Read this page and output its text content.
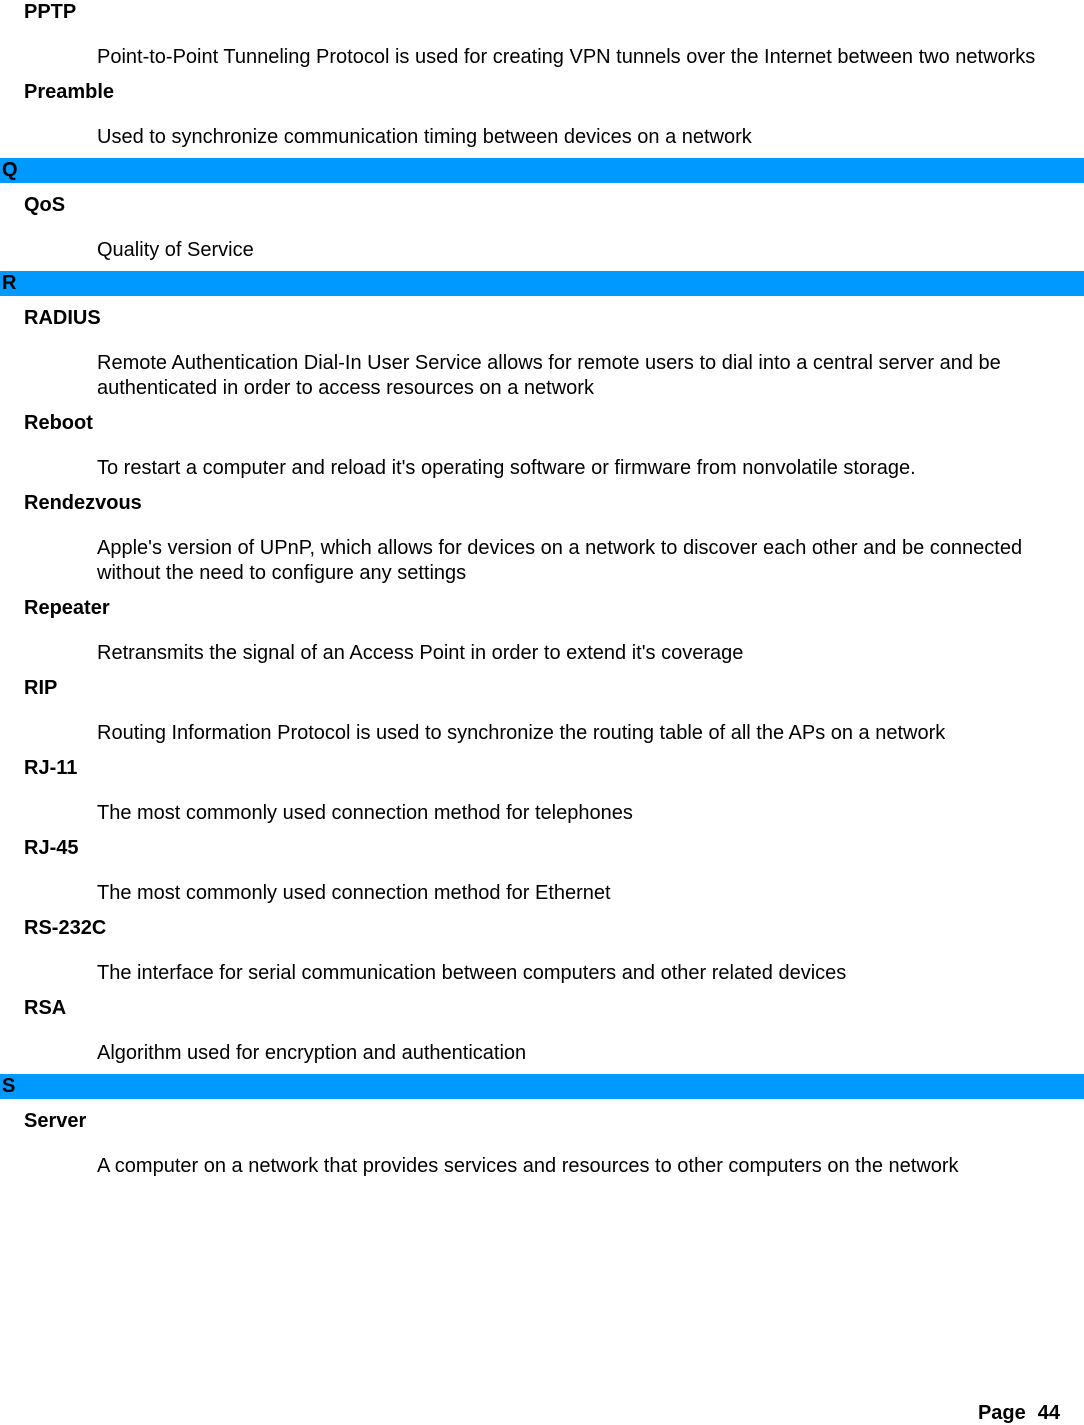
PPTP

Point-to-Point Tunneling Protocol is used for creating VPN tunnels over the Internet between two networks

Preamble

Used to synchronize communication timing between devices on a network

Q

QoS

Quality of Service

R

RADIUS

Remote Authentication Dial-In User Service allows for remote users to dial into a central server and be authenticated in order to access resources on a network

Reboot

To restart a computer and reload it's operating software or firmware from nonvolatile storage.

Rendezvous

Apple's version of UPnP, which allows for devices on a network to discover each other and be connected without the need to configure any settings

Repeater

Retransmits the signal of an Access Point in order to extend it's coverage

RIP

Routing Information Protocol is used to synchronize the routing table of all the APs on a network

RJ-11

The most commonly used connection method for telephones

RJ-45

The most commonly used connection method for Ethernet

RS-232C

The interface for serial communication between computers and other related devices

RSA

Algorithm used for encryption and authentication

S

Server

A computer on a network that provides services and resources to other computers on the network

Page 44
